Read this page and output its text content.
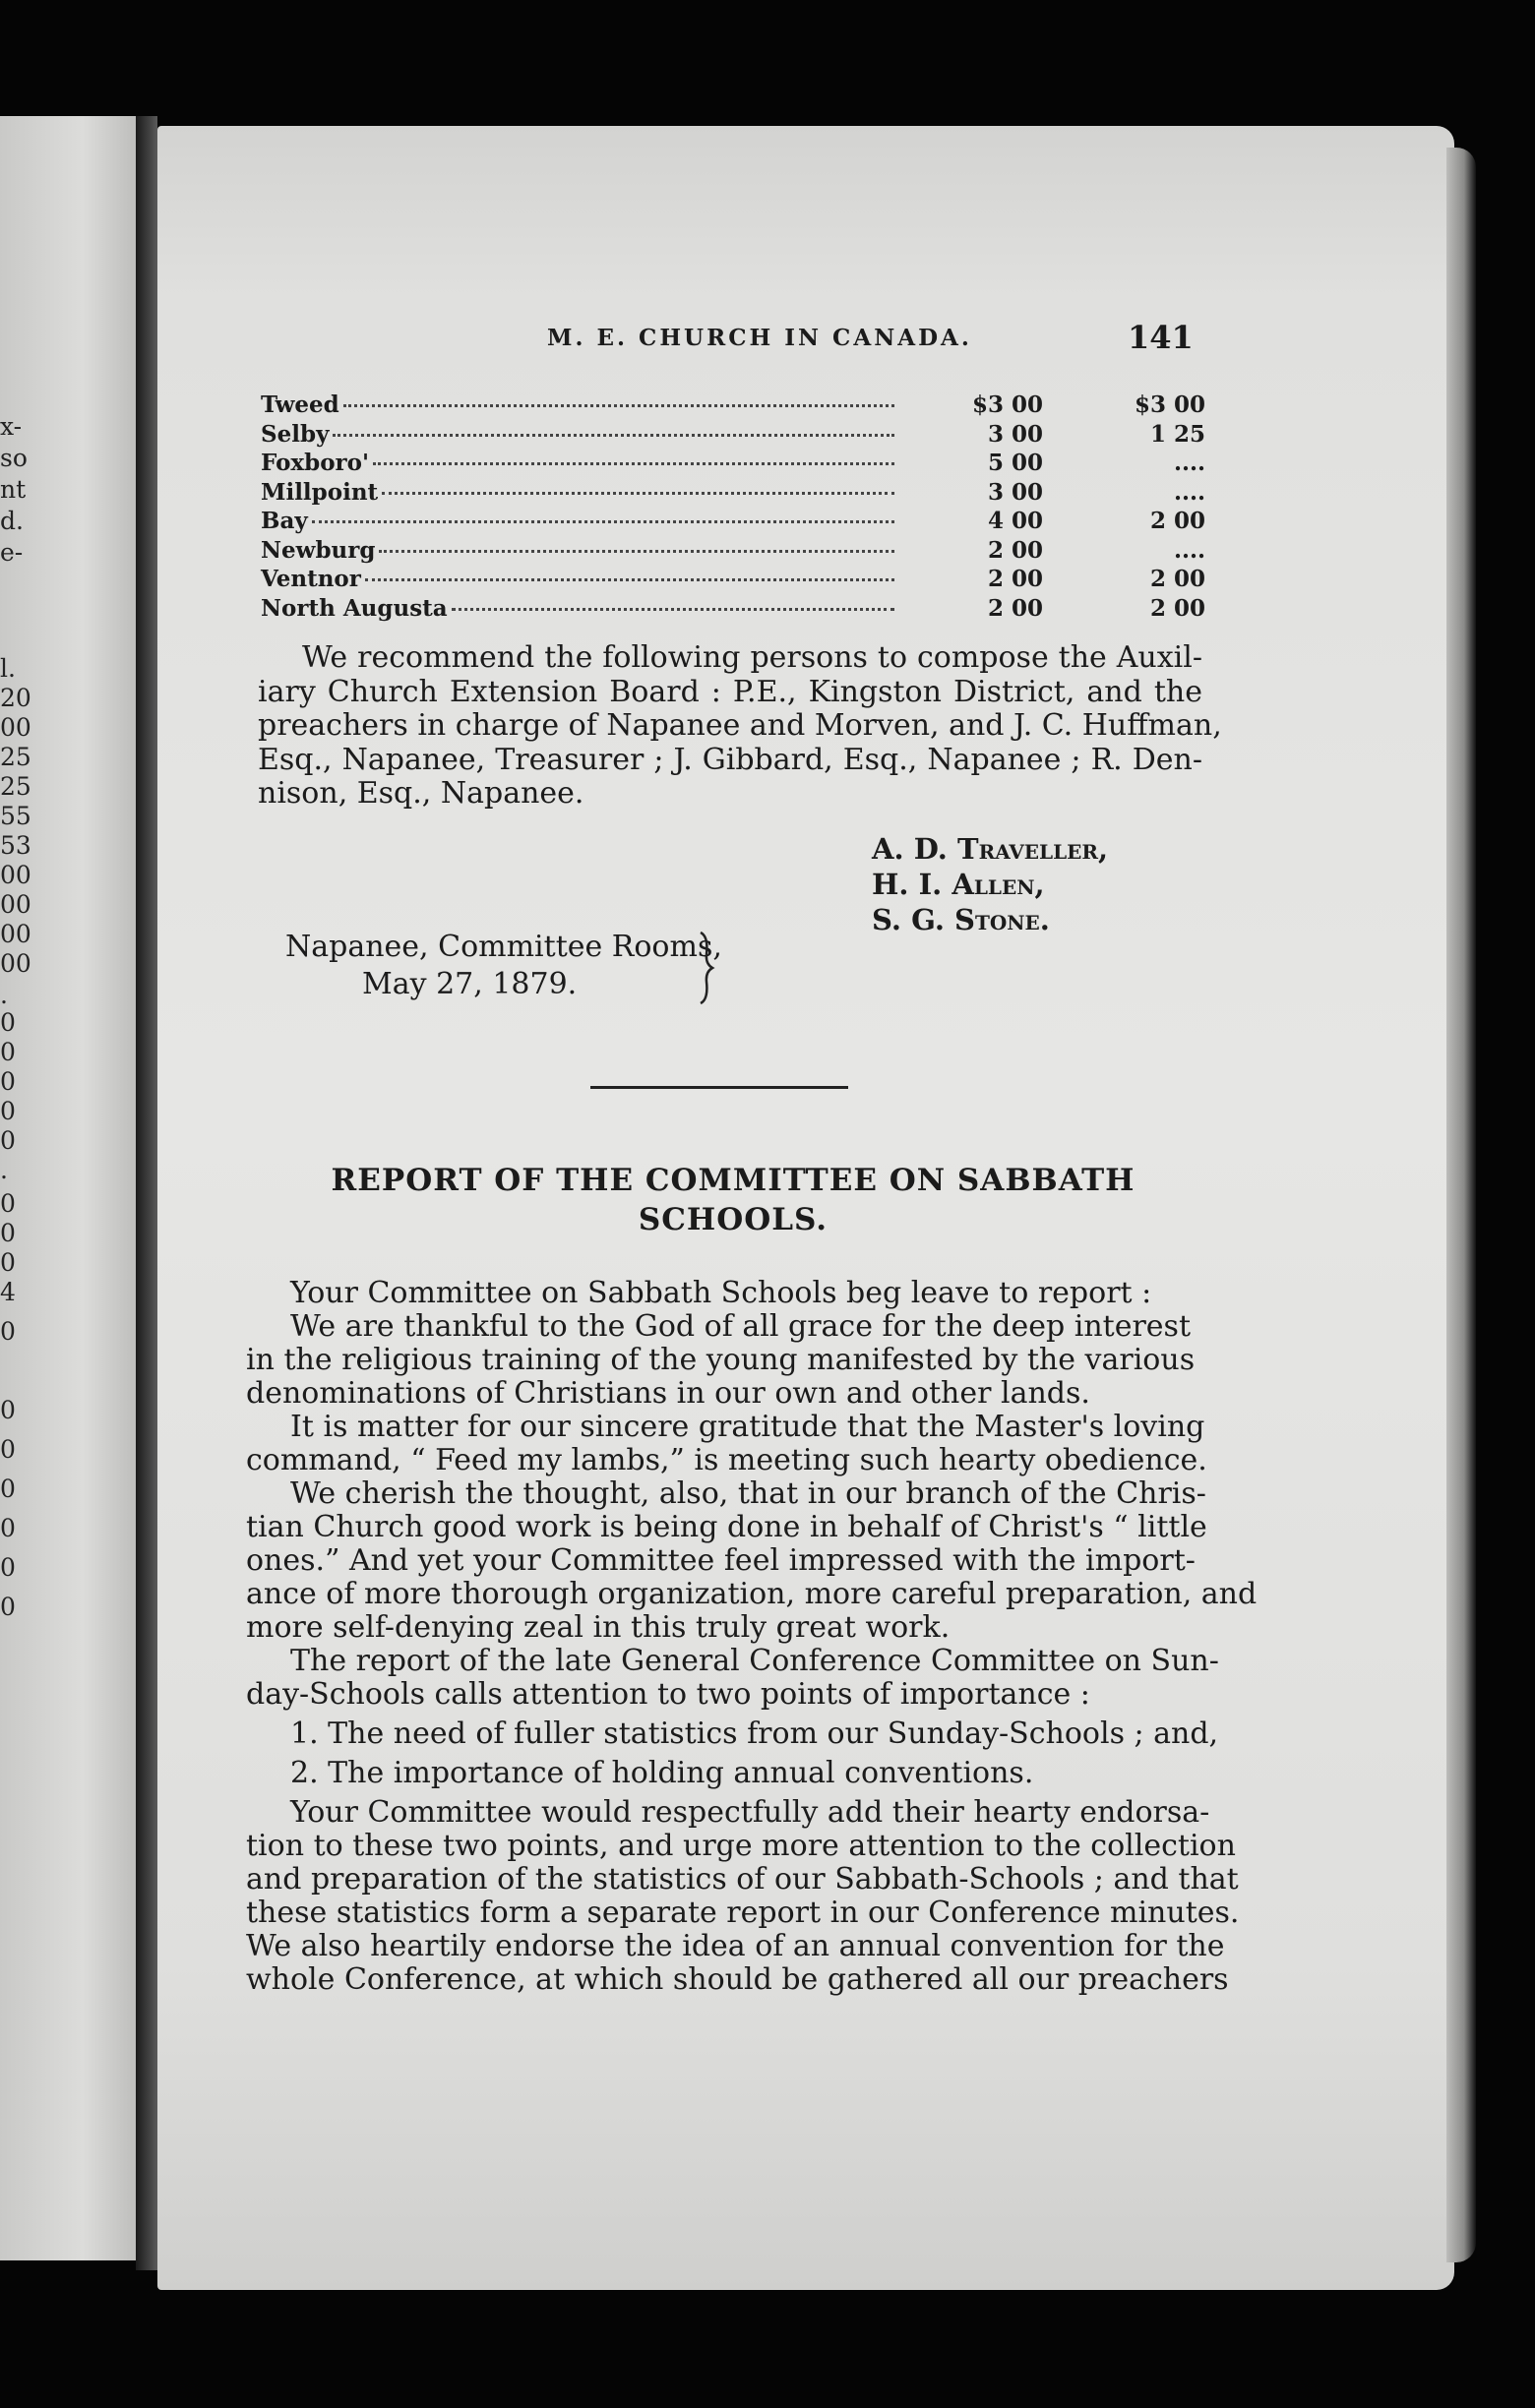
x-
so
nt
d.
e-
l.
20
00
25
25
55
53
00
00
00
00
.
0
0
0
0
0
.
0
0
0
4
0
0
0
0
0
0
0
M. E. CHURCH IN CANADA.	141
Tweed	$3 00	$3 00
Selby	3 00	1 25
Foxboro'	5 00	....
Millpoint	3 00	....
Bay	4 00	2 00
Newburg	2 00	....
Ventnor	2 00	2 00
North Augusta	2 00	2 00
We recommend the following persons to compose the Auxil-
iary Church Extension Board : P.E., Kingston District, and the
preachers in charge of Napanee and Morven, and J. C. Huffman,
Esq., Napanee, Treasurer ; J. Gibbard, Esq., Napanee ; R. Den-
nison, Esq., Napanee.
A. D. Traveller,
H. I. Allen,
S. G. Stone.
Napanee, Committee Rooms,
May 27, 1879.
REPORT OF THE COMMITTEE ON SABBATH
SCHOOLS.
Your Committee on Sabbath Schools beg leave to report :
We are thankful to the God of all grace for the deep interest
in the religious training of the young manifested by the various
denominations of Christians in our own and other lands.
It is matter for our sincere gratitude that the Master's loving
command, “ Feed my lambs,” is meeting such hearty obedience.
We cherish the thought, also, that in our branch of the Chris-
tian Church good work is being done in behalf of Christ's “ little
ones.” And yet your Committee feel impressed with the import-
ance of more thorough organization, more careful preparation, and
more self-denying zeal in this truly great work.
The report of the late General Conference Committee on Sun-
day-Schools calls attention to two points of importance :
1. The need of fuller statistics from our Sunday-Schools ; and,
2. The importance of holding annual conventions.
Your Committee would respectfully add their hearty endorsa-
tion to these two points, and urge more attention to the collection
and preparation of the statistics of our Sabbath-Schools ; and that
these statistics form a separate report in our Conference minutes.
We also heartily endorse the idea of an annual convention for the
whole Conference, at which should be gathered all our preachers
